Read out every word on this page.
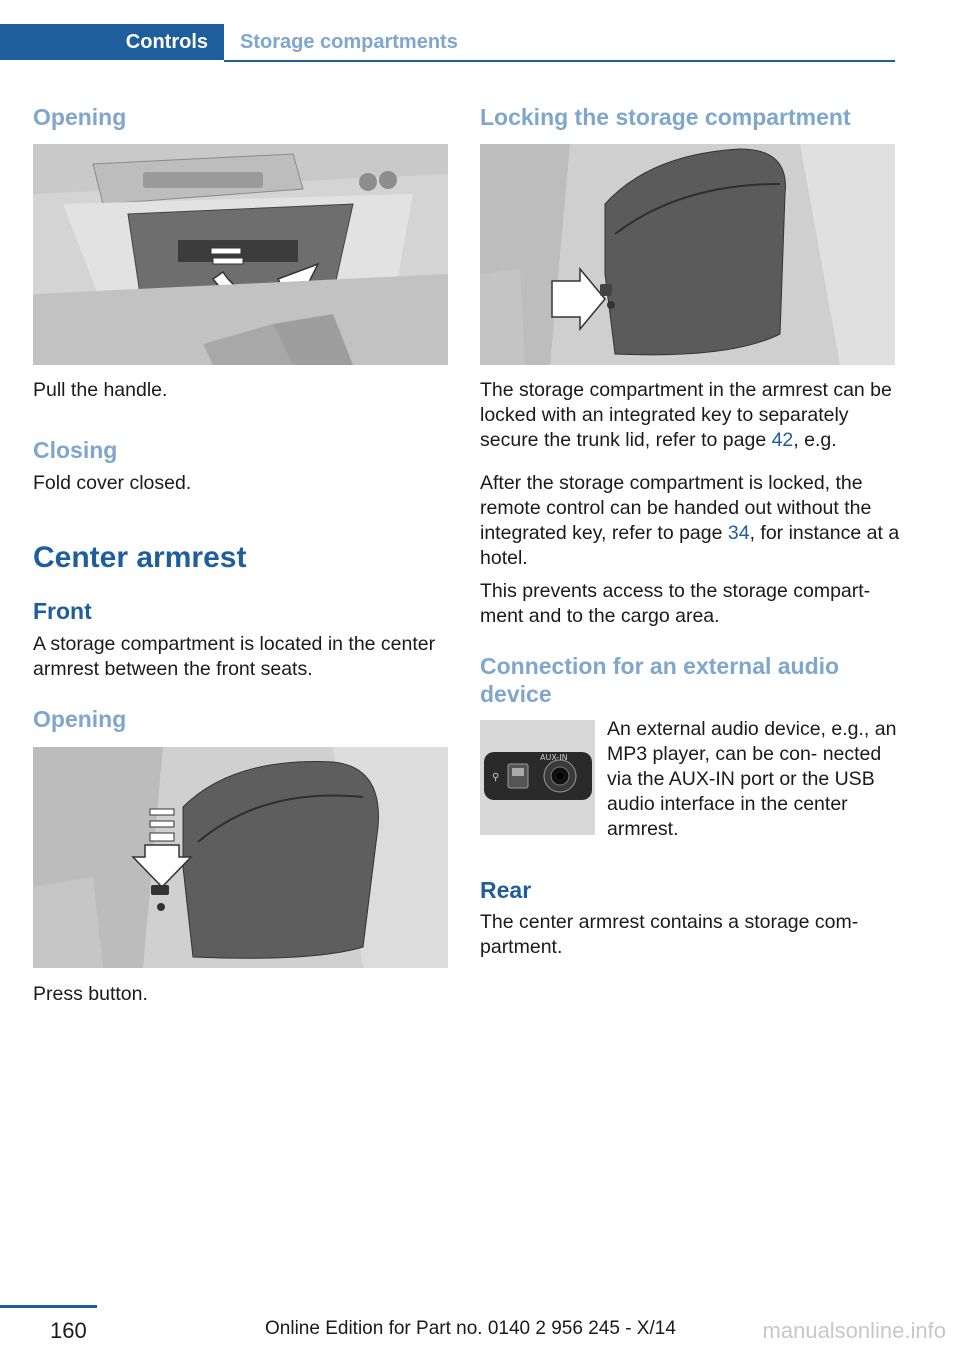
Controls Storage compartments
Opening

Pull the handle.

Closing

Fold cover closed.

Center armrest
Front

A storage compartment is located in the center armrest between the front seats.

Opening

Press button.

Locking the storage compartment

The storage compartment in the armrest can be locked with an integrated key to separately secure the trunk lid, refer to page 42, e.g.

After the storage compartment is locked, the remote control can be handed out without the integrated key, refer to page 34, for instance at a hotel.

This prevents access to the storage compart- ment and to the cargo area.

Connection for an external audio device
⚲
AUX-IN

An external audio device, e.g., an MP3 player, can be con- nected via the AUX-IN port or the USB audio interface in the center armrest.

Rear

The center armrest contains a storage com- partment.

160	Online Edition for Part no. 0140 2 956 245 - X/14	manualsonline.info
